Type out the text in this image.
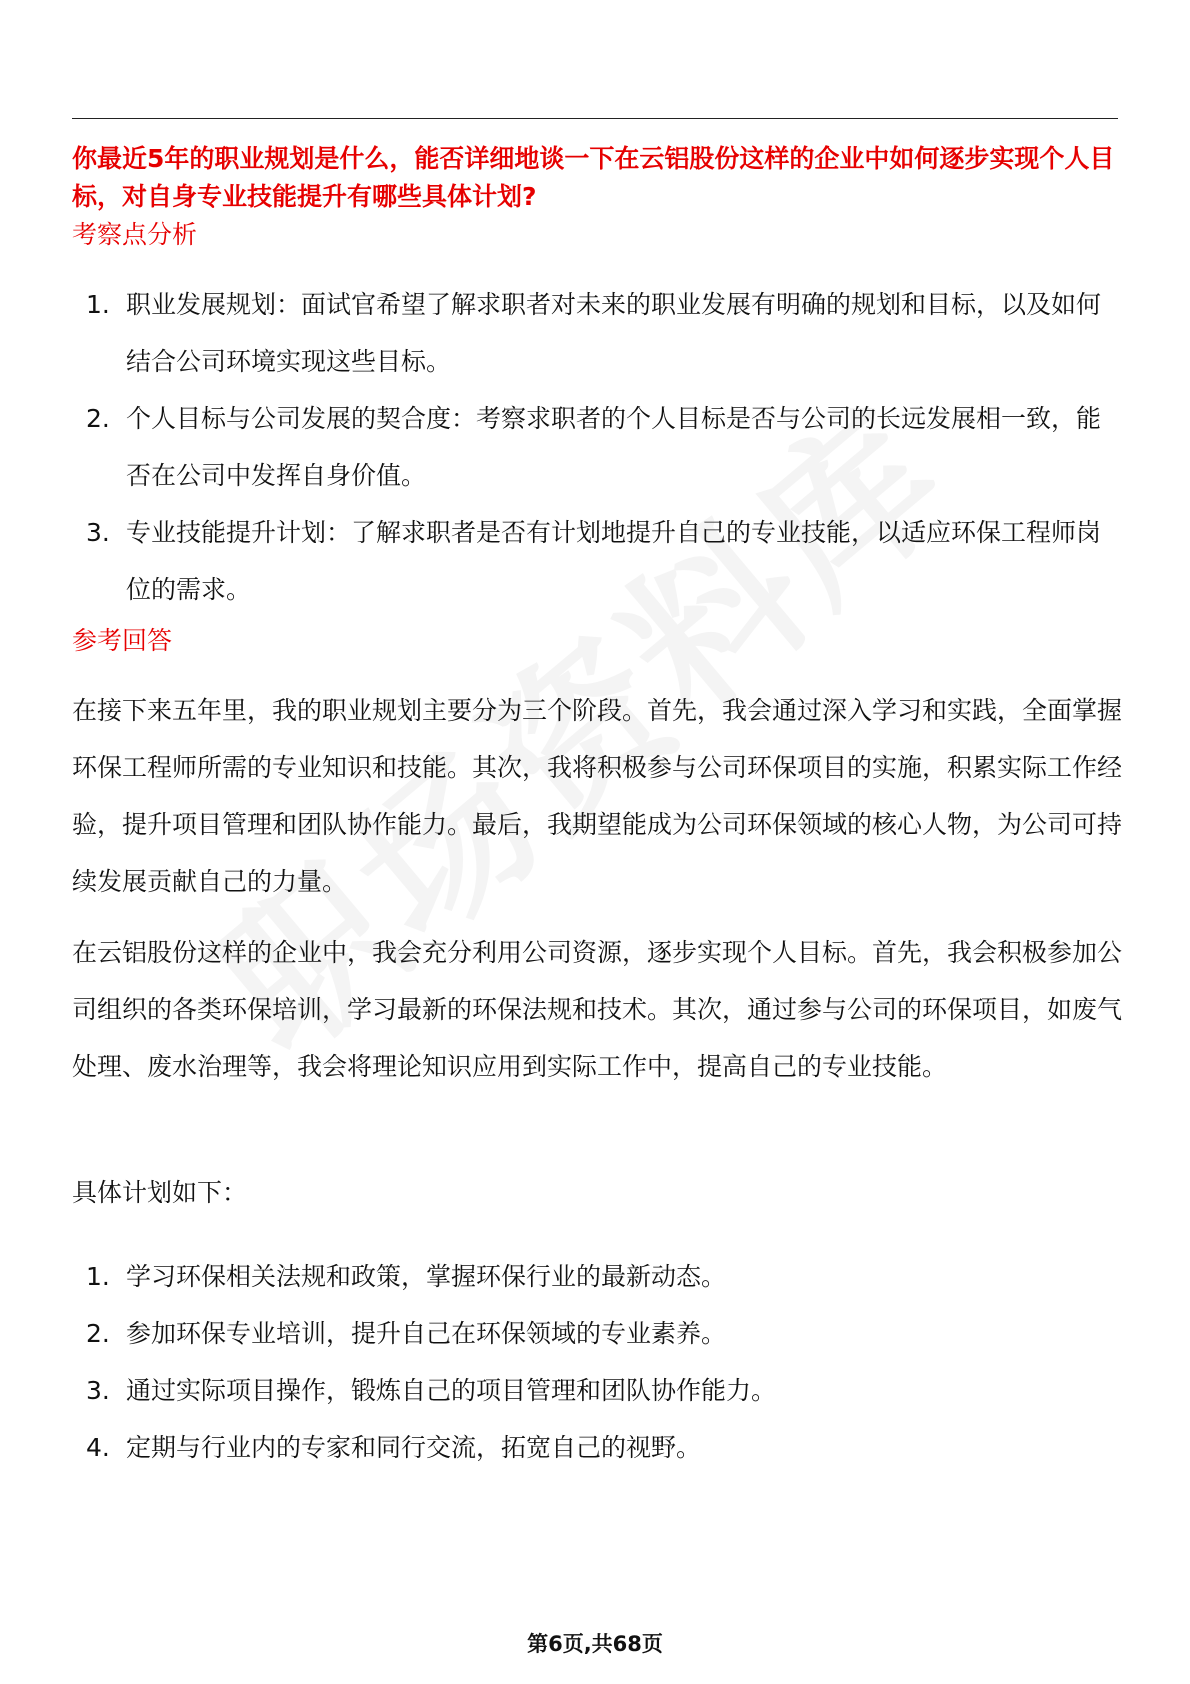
你最近5年的职业规划是什么，能否详细地谈一下在云铝股份这样的企业中如何逐步实现个人目标，对自身专业技能提升有哪些具体计划?
考察点分析
1. 职业发展规划：面试官希望了解求职者对未来的职业发展有明确的规划和目标，以及如何结合公司环境实现这些目标。
2. 个人目标与公司发展的契合度：考察求职者的个人目标是否与公司的长远发展相一致，能否在公司中发挥自身价值。
3. 专业技能提升计划：了解求职者是否有计划地提升自己的专业技能，以适应环保工程师岗位的需求。
参考回答

在接下来五年里，我的职业规划主要分为三个阶段。首先，我会通过深入学习和实践，全面掌握环保工程师所需的专业知识和技能。其次，我将积极参与公司环保项目的实施，积累实际工作经验，提升项目管理和团队协作能力。最后，我期望能成为公司环保领域的核心人物，为公司可持续发展贡献自己的力量。

在云铝股份这样的企业中，我会充分利用公司资源，逐步实现个人目标。首先，我会积极参加公司组织的各类环保培训，学习最新的环保法规和技术。其次，通过参与公司的环保项目，如废气处理、废水治理等，我会将理论知识应用到实际工作中，提高自己的专业技能。

具体计划如下：

1. 学习环保相关法规和政策，掌握环保行业的最新动态。
2. 参加环保专业培训，提升自己在环保领域的专业素养。
3. 通过实际项目操作，锻炼自己的项目管理和团队协作能力。
4. 定期与行业内的专家和同行交流，拓宽自己的视野。
第6页,共68页
